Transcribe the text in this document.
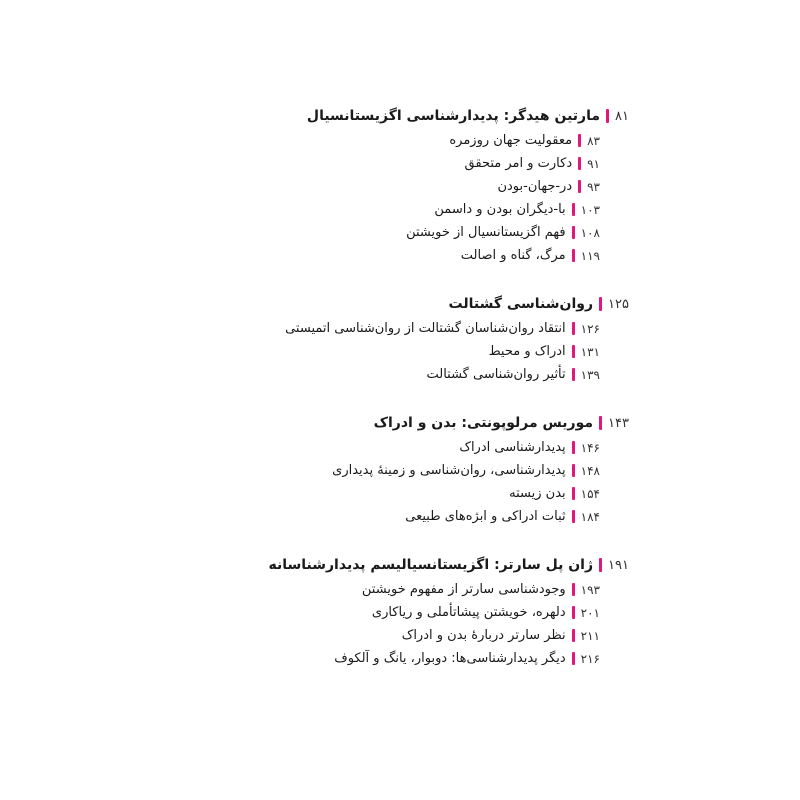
۸۱
مارتین هیدگر: پدیدارشناسی اگزیستانسیال
۸۳
معقولیت جهان روزمره
۹۱
دکارت و امر متحقق
۹۳
در-جهان-بودن
۱۰۳
با-دیگران بودن و داسمن
۱۰۸
فهم اگزیستانسیال از خویشتن
۱۱۹
مرگ، گناه و اصالت
۱۲۵
روان‌شناسی گشتالت
۱۲۶
انتقاد روان‌شناسان گشتالت از روان‌شناسی اتمیستی
۱۳۱
ادراک و محیط
۱۳۹
تأثیر روان‌شناسی گشتالت
۱۴۳
موریس مرلوپونتی: بدن و ادراک
۱۴۶
پدیدارشناسی ادراک
۱۴۸
پدیدارشناسی، روان‌شناسی و زمینهٔ پدیداری
۱۵۴
بدن زیسته
۱۸۴
ثبات ادراکی و ابژه‌های طبیعی
۱۹۱
ژان پل سارتر: اگزیستانسیالیسم پدیدارشناسانه
۱۹۳
وجودشناسی سارتر از مفهوم خویشتن
۲۰۱
دلهره، خویشتن پیشاتأملی و ریاکاری
۲۱۱
نظر سارتر دربارهٔ بدن و ادراک
۲۱۶
دیگر پدیدارشناسی‌ها: دوبوار، یانگ و آلکوف
